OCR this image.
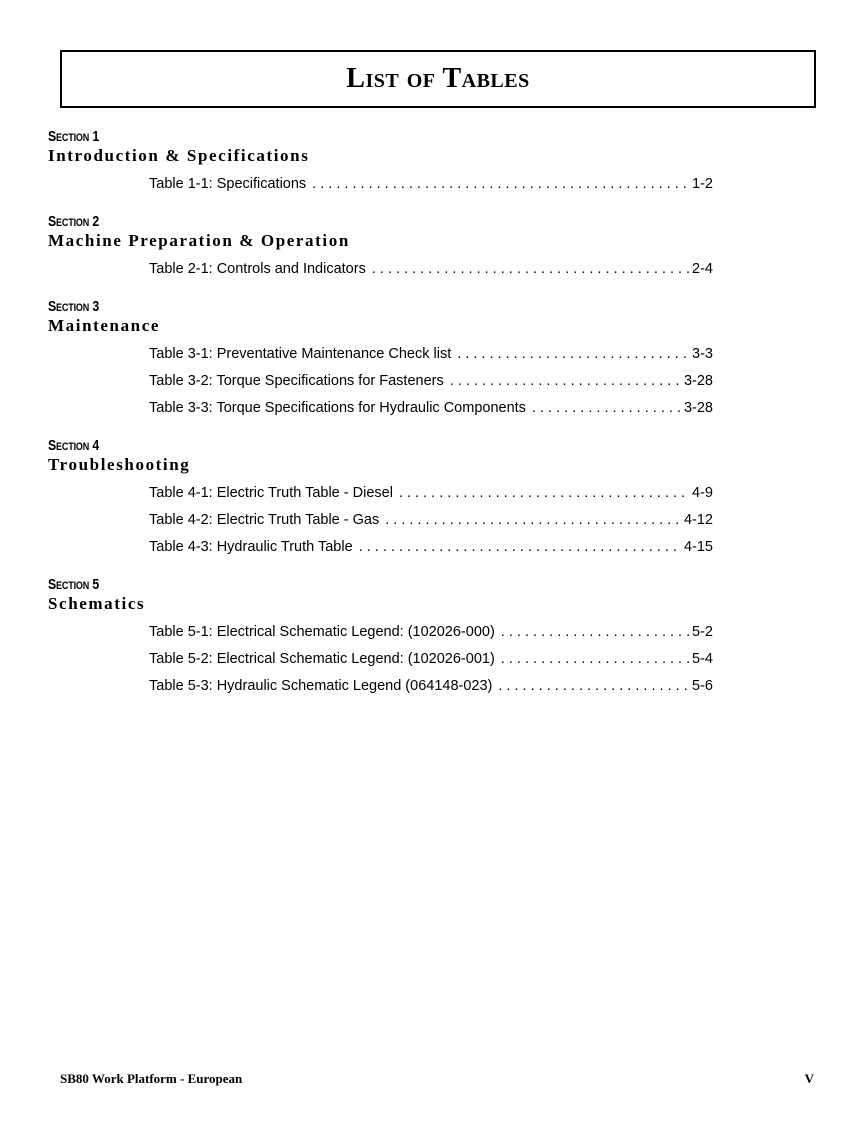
List of Tables
Section 1
Introduction & Specifications
Table 1-1: Specifications . . .	1-2
Section 2
Machine Preparation & Operation
Table 2-1: Controls and Indicators . . .	2-4
Section 3
Maintenance
Table 3-1: Preventative Maintenance Check list . . .	3-3
Table 3-2: Torque Specifications for Fasteners . . .	3-28
Table 3-3: Torque Specifications for Hydraulic Components . . .	3-28
Section 4
Troubleshooting
Table 4-1: Electric Truth Table - Diesel . . .	4-9
Table 4-2: Electric Truth Table - Gas . . .	4-12
Table 4-3: Hydraulic Truth Table . . .	4-15
Section 5
Schematics
Table 5-1: Electrical Schematic Legend: (102026-000) . . .	5-2
Table 5-2: Electrical Schematic Legend: (102026-001) . . .	5-4
Table 5-3: Hydraulic Schematic Legend (064148-023) . . .	5-6
SB80 Work Platform - European	V
